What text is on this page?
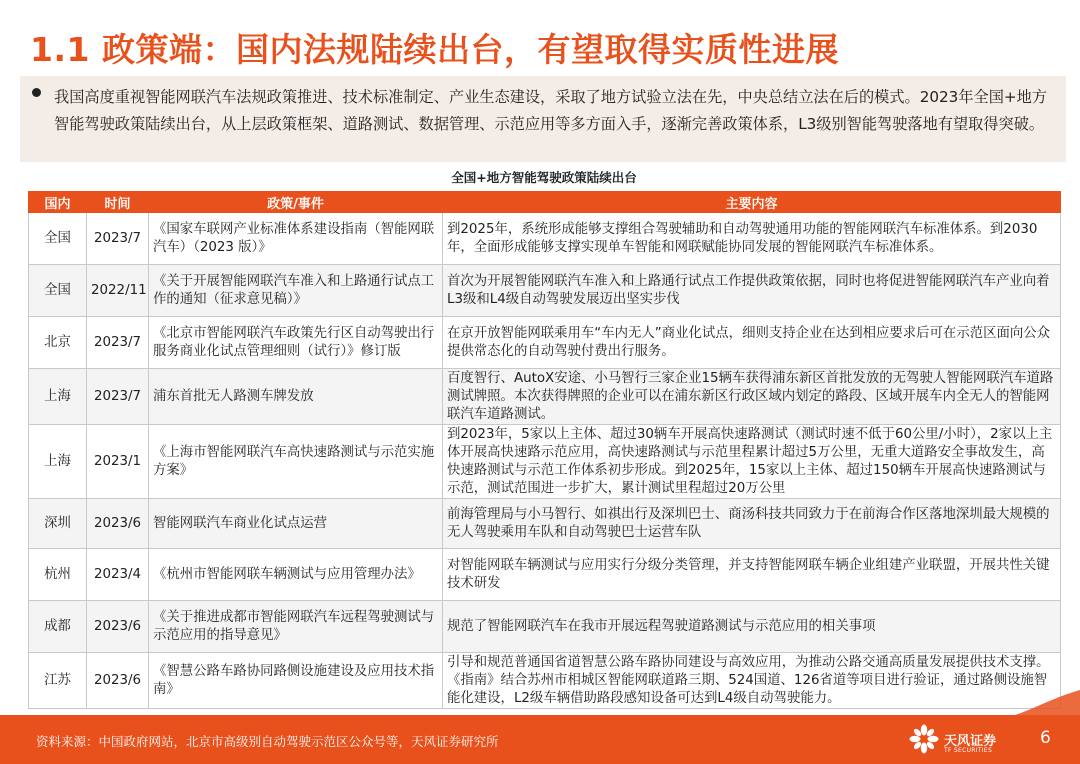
1.1 政策端：国内法规陆续出台，有望取得实质性进展
我国高度重视智能网联汽车法规政策推进、技术标准制定、产业生态建设，采取了地方试验立法在先，中央总结立法在后的模式。2023年全国+地方智能驾驶政策陆续出台，从上层政策框架、道路测试、数据管理、示范应用等多方面入手，逐渐完善政策体系，L3级别智能驾驶落地有望取得突破。
全国+地方智能驾驶政策陆续出台
国内	时间	政策/事件	主要内容
全国	2023/7	《国家车联网产业标准体系建设指南（智能网联汽车）（2023 版）》	到2025年，系统形成能够支撑组合驾驶辅助和自动驾驶通用功能的智能网联汽车标准体系。到2030年，全面形成能够支撑实现单车智能和网联赋能协同发展的智能网联汽车标准体系。
全国	2022/11	《关于开展智能网联汽车准入和上路通行试点工作的通知（征求意见稿）》	首次为开展智能网联汽车准入和上路通行试点工作提供政策依据，同时也将促进智能网联汽车产业向着L3级和L4级自动驾驶发展迈出坚实步伐
北京	2023/7	《北京市智能网联汽车政策先行区自动驾驶出行服务商业化试点管理细则（试行）》修订版	在京开放智能网联乘用车“车内无人”商业化试点，细则支持企业在达到相应要求后可在示范区面向公众提供常态化的自动驾驶付费出行服务。
上海	2023/7	浦东首批无人路测车牌发放	百度智行、AutoX安途、小马智行三家企业15辆车获得浦东新区首批发放的无驾驶人智能网联汽车道路测试牌照。本次获得牌照的企业可以在浦东新区行政区域内划定的路段、区域开展车内全无人的智能网联汽车道路测试。
上海	2023/1	《上海市智能网联汽车高快速路测试与示范实施方案》	到2023年，5家以上主体、超过30辆车开展高快速路测试（测试时速不低于60公里/小时），2家以上主体开展高快速路示范应用，高快速路测试与示范里程累计超过5万公里，无重大道路安全事故发生，高快速路测试与示范工作体系初步形成。到2025年，15家以上主体、超过150辆车开展高快速路测试与示范，测试范围进一步扩大，累计测试里程超过20万公里
深圳	2023/6	智能网联汽车商业化试点运营	前海管理局与小马智行、如祺出行及深圳巴士、商汤科技共同致力于在前海合作区落地深圳最大规模的无人驾驶乘用车队和自动驾驶巴士运营车队
杭州	2023/4	《杭州市智能网联车辆测试与应用管理办法》	对智能网联车辆测试与应用实行分级分类管理，并支持智能网联车辆企业组建产业联盟，开展共性关键技术研发
成都	2023/6	《关于推进成都市智能网联汽车远程驾驶测试与示范应用的指导意见》	规范了智能网联汽车在我市开展远程驾驶道路测试与示范应用的相关事项
江苏	2023/6	《智慧公路车路协同路侧设施建设及应用技术指南》	引导和规范普通国省道智慧公路车路协同建设与高效应用，为推动公路交通高质量发展提供技术支撑。《指南》结合苏州市相城区智能网联道路三期、524国道、126省道等项目进行验证，通过路侧设施智能化建设，L2级车辆借助路段感知设备可达到L4级自动驾驶能力。
资料来源：中国政府网站，北京市高级别自动驾驶示范区公众号等，天风证券研究所	天风证券
TF SECURITIES
6
